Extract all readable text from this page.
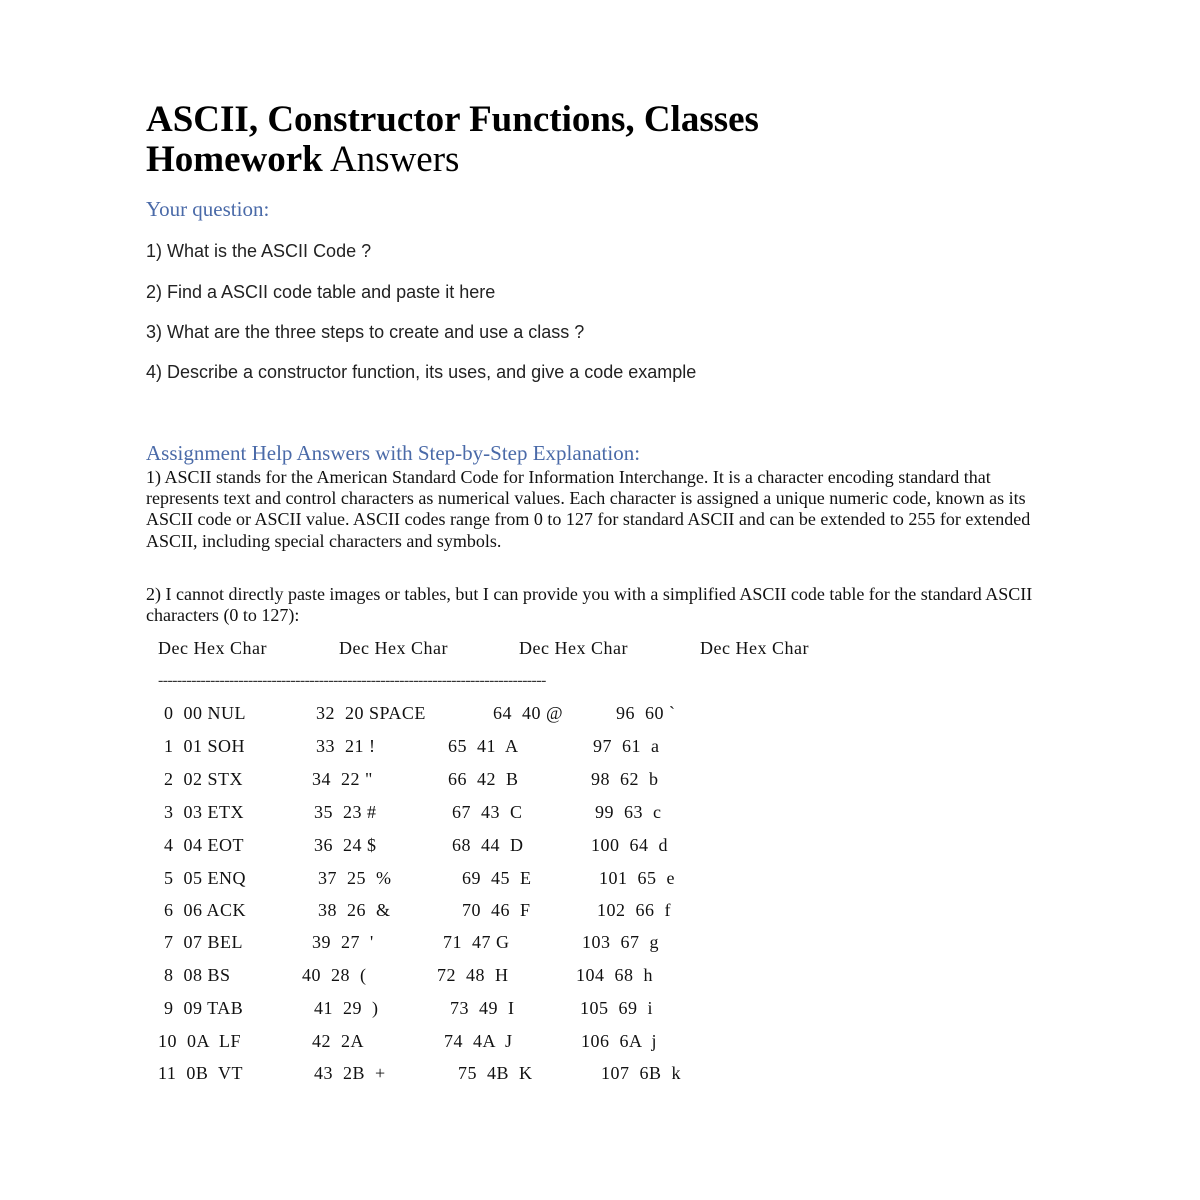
ASCII, Constructor Functions, Classes
Homework Answers
Your question:
1) What is the ASCII Code ?
2) Find a ASCII code table and paste it here
3) What are the three steps to create and use a class ?
4) Describe a constructor function, its uses, and give a code example
Assignment Help Answers with Step-by-Step Explanation:
1) ASCII stands for the American Standard Code for Information Interchange. It is a character encoding standard that represents text and control characters as numerical values. Each character is assigned a unique numeric code, known as its ASCII code or ASCII value. ASCII codes range from 0 to 127 for standard ASCII and can be extended to 255 for extended ASCII, including special characters and symbols.
2) I cannot directly paste images or tables, but I can provide you with a simplified ASCII code table for the standard ASCII characters (0 to 127):
Dec Hex Char	Dec Hex Char	Dec Hex Char	Dec Hex Char
----------------------------------------------------------------------------------
0  00 NUL	32  20 SPACE	64  40 @	96  60 `
1  01 SOH	33  21 !	65  41  A	97  61  a
2  02 STX	34  22 "	66  42  B	98  62  b
3  03 ETX	35  23 #	67  43  C	99  63  c
4  04 EOT	36  24 $	68  44  D	100  64  d
5  05 ENQ	37  25  %	69  45  E	101  65  e
6  06 ACK	38  26  &	70  46  F	102  66  f
7  07 BEL	39  27  '	71  47 G	103  67  g
8  08 BS	40  28  (	72  48  H	104  68  h
9  09 TAB	41  29  )	73  49  I	105  69  i
10  0A  LF	42  2A	74  4A  J	106  6A  j
11  0B  VT	43  2B  +	75  4B  K	107  6B  k
